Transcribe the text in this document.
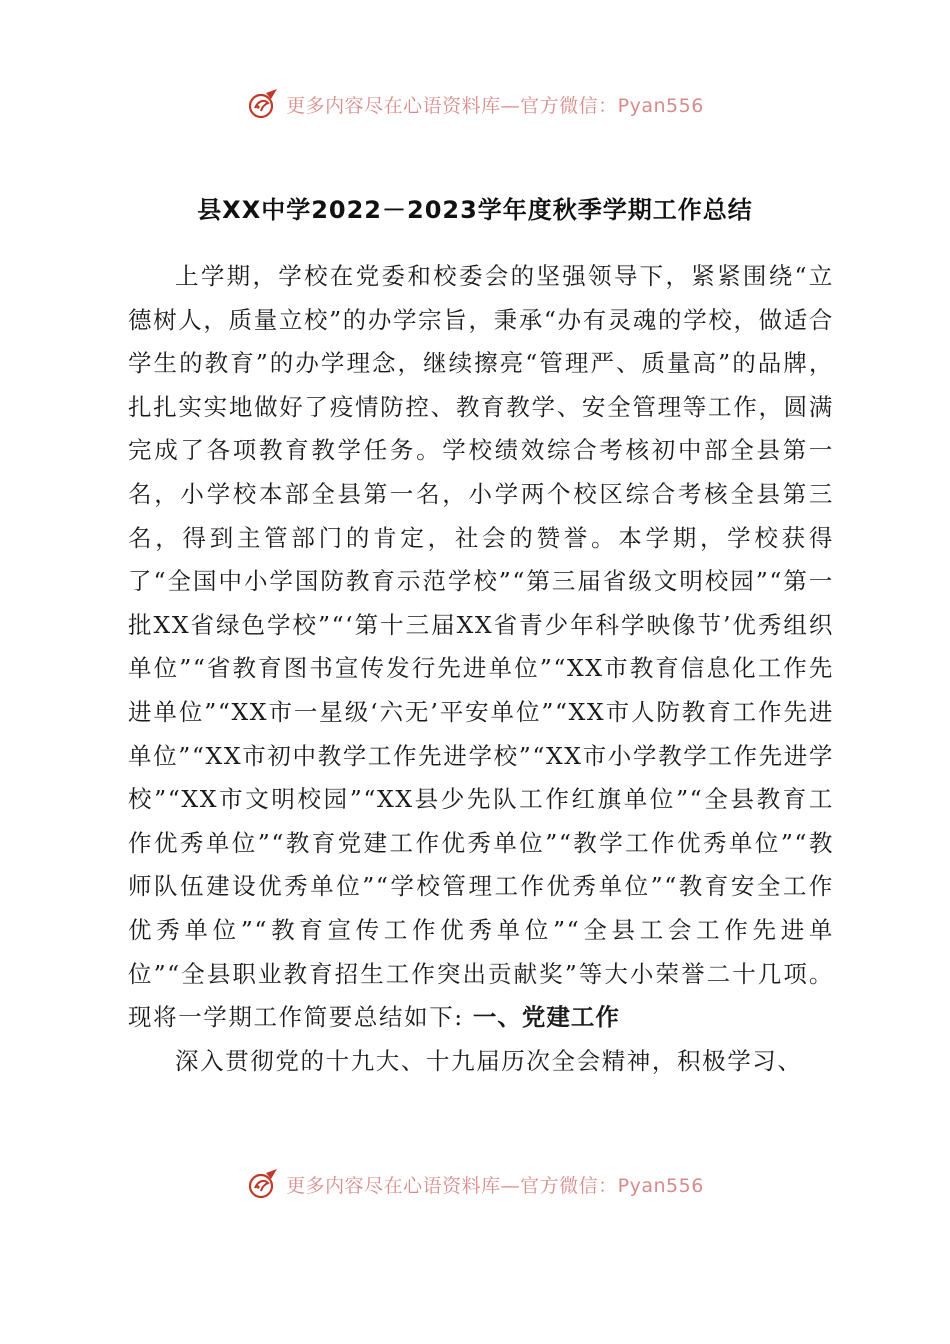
更多内容尽在心语资料库—官方微信：Pyan556
县XX中学2022－2023学年度秋季学期工作总结

上学期，学校在党委和校委会的坚强领导下，紧紧围绕“立德树人，质量立校”的办学宗旨，秉承“办有灵魂的学校，做适合学生的教育”的办学理念，继续擦亮“管理严、质量高”的品牌，扎扎实实地做好了疫情防控、教育教学、安全管理等工作，圆满完成了各项教育教学任务。学校绩效综合考核初中部全县第一名，小学校本部全县第一名，小学两个校区综合考核全县第三名，得到主管部门的肯定，社会的赞誉。本学期，学校获得了“全国中小学国防教育示范学校”“第三届省级文明校园”“第一批XX省绿色学校”“‘第十三届XX省青少年科学映像节’优秀组织单位”“省教育图书宣传发行先进单位”“XX市教育信息化工作先进单位”“XX市一星级‘六无’平安单位”“XX市人防教育工作先进单位”“XX市初中教学工作先进学校”“XX市小学教学工作先进学校”“XX市文明校园”“XX县少先队工作红旗单位”“全县教育工作优秀单位”“教育党建工作优秀单位”“教学工作优秀单位”“教师队伍建设优秀单位”“学校管理工作优秀单位”“教育安全工作优秀单位”“教育宣传工作优秀单位”“全县工会工作先进单位”“全县职业教育招生工作突出贡献奖”等大小荣誉二十几项。现将一学期工作简要总结如下: 一、党建工作

深入贯彻党的十九大、十九届历次全会精神，积极学习、

更多内容尽在心语资料库—官方微信：Pyan556
